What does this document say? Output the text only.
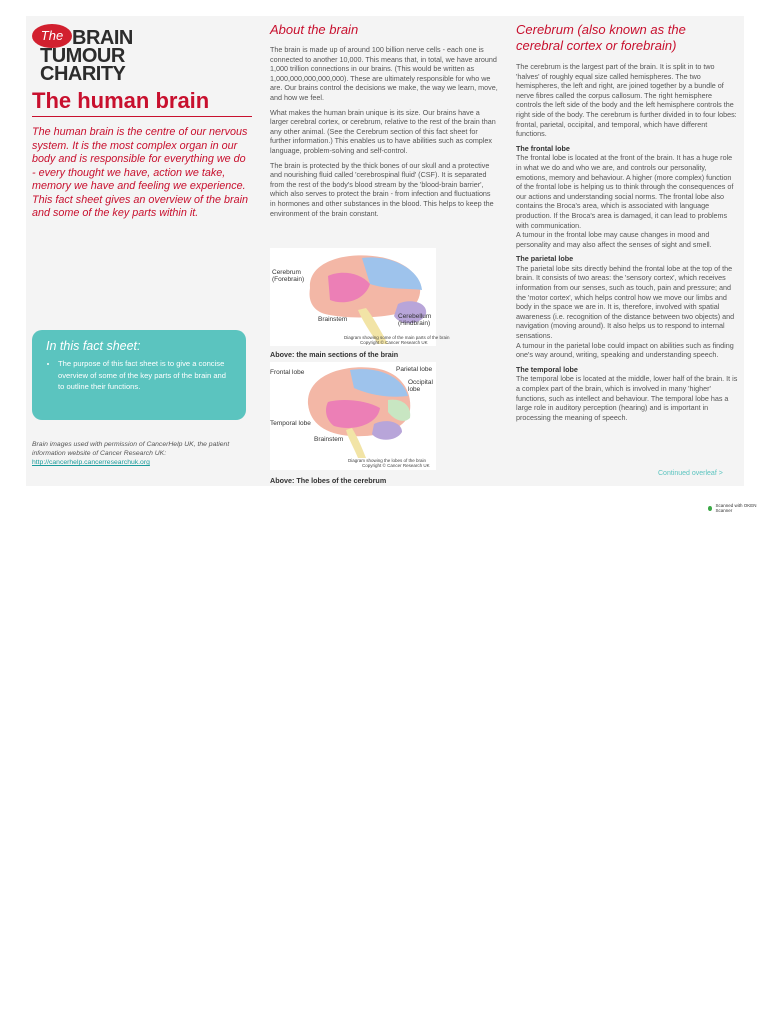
The BRAIN
TUMOUR
CHARITY
The human brain

The human brain is the centre of our nervous system. It is the most complex organ in our body and is responsible for everything we do - every thought we have, action we take, memory we have and feeling we experience. This fact sheet gives an overview of the brain and some of the key parts within it.

In this fact sheet:
• The purpose of this fact sheet is to give a concise overview of some of the key parts of the brain and to outline their functions.
Brain images used with permission of CancerHelp UK, the patient information website of Cancer Research UK:
http://cancerhelp.cancerresearchuk.org
About the brain

The brain is made up of around 100 billion nerve cells - each one is connected to another 10,000. This means that, in total, we have around 1,000 trillion connections in our brains. (This would be written as 1,000,000,000,000,000). These are ultimately responsible for who we are. Our brains control the decisions we make, the way we learn, move, and how we feel.

What makes the human brain unique is its size. Our brains have a larger cerebral cortex, or cerebrum, relative to the rest of the brain than any other animal. (See the Cerebrum section of this fact sheet for further information.) This enables us to have abilities such as complex language, problem-solving and self-control.

The brain is protected by the thick bones of our skull and a protective and nourishing fluid called 'cerebrospinal fluid' (CSF). It is separated from the rest of the body's blood stream by the 'blood-brain barrier', which also serves to protect the brain - from infection and fluctuations in hormones and other substances in the blood. This helps to keep the environment of the brain constant.

Cerebrum
(Forebrain)
Brainstem	Cerebellum
(Hindbrain)
Diagram showing some of the main parts of the brain
Copyright © Cancer Research UK
Above: the main sections of the brain
Frontal lobe	Parietal lobe
Occipital
lobe
Temporal lobe
Brainstem
Diagram showing the lobes of the brain
Copyright © Cancer Research UK
Above: The lobes of the cerebrum
Cerebrum (also known as the cerebral cortex or forebrain)

The cerebrum is the largest part of the brain. It is split in to two 'halves' of roughly equal size called hemispheres. The two hemispheres, the left and right, are joined together by a bundle of nerve fibres called the corpus callosum. The right hemisphere controls the left side of the body and the left hemisphere controls the right side of the body. The cerebrum is further divided in to four lobes: frontal, parietal, occipital, and temporal, which have different functions.

The frontal lobe

The frontal lobe is located at the front of the brain. It has a huge role in what we do and who we are, and controls our personality, emotions, memory and behaviour. A higher (more complex) function of the frontal lobe is helping us to think through the consequences of our actions and understanding social norms. The frontal lobe also contains the Broca's area, which is associated with language production. If the Broca's area is damaged, it can lead to problems with communication.

A tumour in the frontal lobe may cause changes in mood and personality and may also affect the senses of sight and smell.

The parietal lobe

The parietal lobe sits directly behind the frontal lobe at the top of the brain. It consists of two areas: the 'sensory cortex', which receives information from our senses, such as touch, pain and pressure; and the 'motor cortex', which helps control how we move our limbs and body in the space we are in. It is, therefore, involved with spatial awareness (i.e. recognition of the distance between two objects) and navigation (moving around). It also helps us to respond to internal sensations.

A tumour in the parietal lobe could impact on abilities such as finding one's way around, writing, speaking and understanding speech.

The temporal lobe

The temporal lobe is located at the middle, lower half of the brain. It is a complex part of the brain, which is involved in many 'higher' functions, such as intellect and behaviour. The temporal lobe has a large role in auditory perception (hearing) and is important in processing the meaning of speech.

Continued overleaf >
Scanned with OKEN Scanner
